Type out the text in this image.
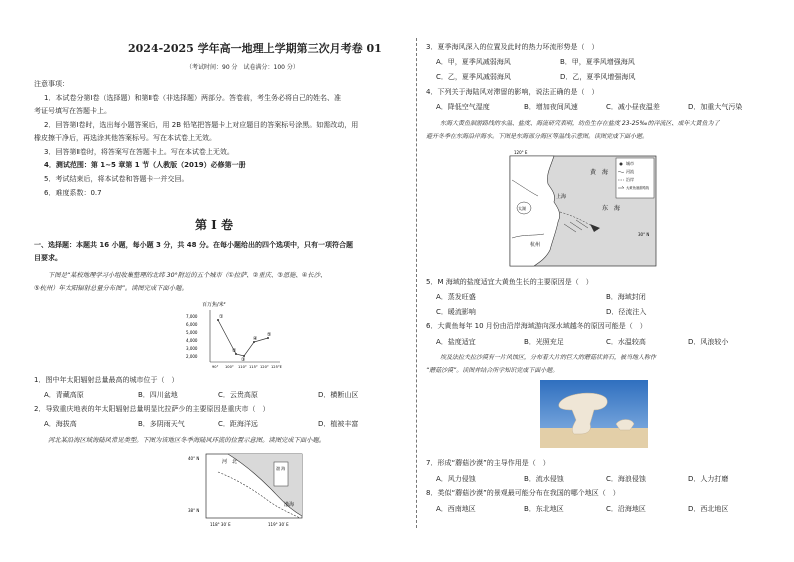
2024-2025 学年高一地理上学期第三次月考卷 01
（考试时间：90 分　试卷满分：100 分）
注意事项：
1．本试卷分第Ⅰ卷（选择题）和第Ⅱ卷（非选择题）两部分。答卷前，考生务必将自己的姓名、准
考证号填写在答题卡上。
2．回答第Ⅰ卷时，选出每小题答案后，用 2B 铅笔把答题卡上对应题目的答案标号涂黑。如需改动，用
橡皮擦干净后，再选涂其他答案标号。写在本试卷上无效。
3．回答第Ⅱ卷时，将答案写在答题卡上。写在本试卷上无效。
4．测试范围：第 1~5 章第 1 节（人教版（2019）必修第一册
5．考试结束后，将本试卷和答题卡一并交回。
6．难度系数：0.7
第 Ⅰ 卷
一、选择题：本题共 16 小题，每小题 3 分，共 48 分。在每小题给出的四个选项中，只有一项符合题
目要求。
下图是“某校地理学习小组收集整理的北纬 30°附近的五个城市（①拉萨、②重庆、③恩施、④长沙、
⑤杭州）年太阳辐射总量分布图”。读图完成下面小题。
百万焦/米²
7,000
6,000
5,000
4,000
3,000
2,000
①
②
③
④
⑤
90° 100° 110° 115° 120° 125°E
1．图中年太阳辐射总量最高的城市位于（　）
A．青藏高原	B．四川盆地	C．云贵高原	D．横断山区
2．导致重庆地表的年太阳辐射总量明显比拉萨少的主要原因是重庆市（　）
A．海拔高	B．多阴雨天气	C．距海洋远	D．植被丰富
河北某沿海区域海陆风常见类型。下图为该地区冬季海陆风环流的位置示意图。读图完成下面小题。
河　北
渤海
渤 海
40° N
38° N
118° 30′ E	119° 30′ E
3．夏季海风深入的位置及此时的热力环流形势是（　）
A．甲，夏季风减弱海风	B．甲，夏季风增强海风
C．乙，夏季风减弱海风	D．乙，夏季风增强海风
4．下列关于海陆风对滞留的影响，说法正确的是（　）
A．降低空气湿度	B．增加夜间风速	C．减小昼夜温差	D．加重大气污染
东海大黄鱼洄游路线的水温、盐度、海流研究表明，幼鱼生存在盐度 23-25‰的洋流区、成年大黄鱼为了
避开冬季在东海沿岸海水。下图是东海部分海区等温线示意图。读图完成下面小题。
城市
河流
沿岸
大黄鱼洄游路线
黄　海
东　海
上海
太湖
杭州
120° E
30° N
5．M 海域的盐度适宜大黄鱼生长的主要原因是（　）
A．蒸发旺盛	B．海域封闭
C．暖流影响	D．径流注入
6．大黄鱼每年 10 月份由沿岸海域游向深水域越冬的原因可能是（　）
A．盐度适宜	B．光照充足	C．水温较高	D．风浪较小
埃及法拉夫拉沙漠有一片风蚀区，分布着大片的巨大的蘑菇状岩石，被当地人称作
“蘑菇沙漠”。读图并结合所学知识完成下面小题。
7．形成“蘑菇沙漠”的主导作用是（　）
A．风力侵蚀	B．流水侵蚀	C．海浪侵蚀	D．人力打磨
8．类似“蘑菇沙漠”的景观最可能分布在我国的哪个地区（　）
A．西南地区	B．东北地区	C．沿海地区	D．西北地区
